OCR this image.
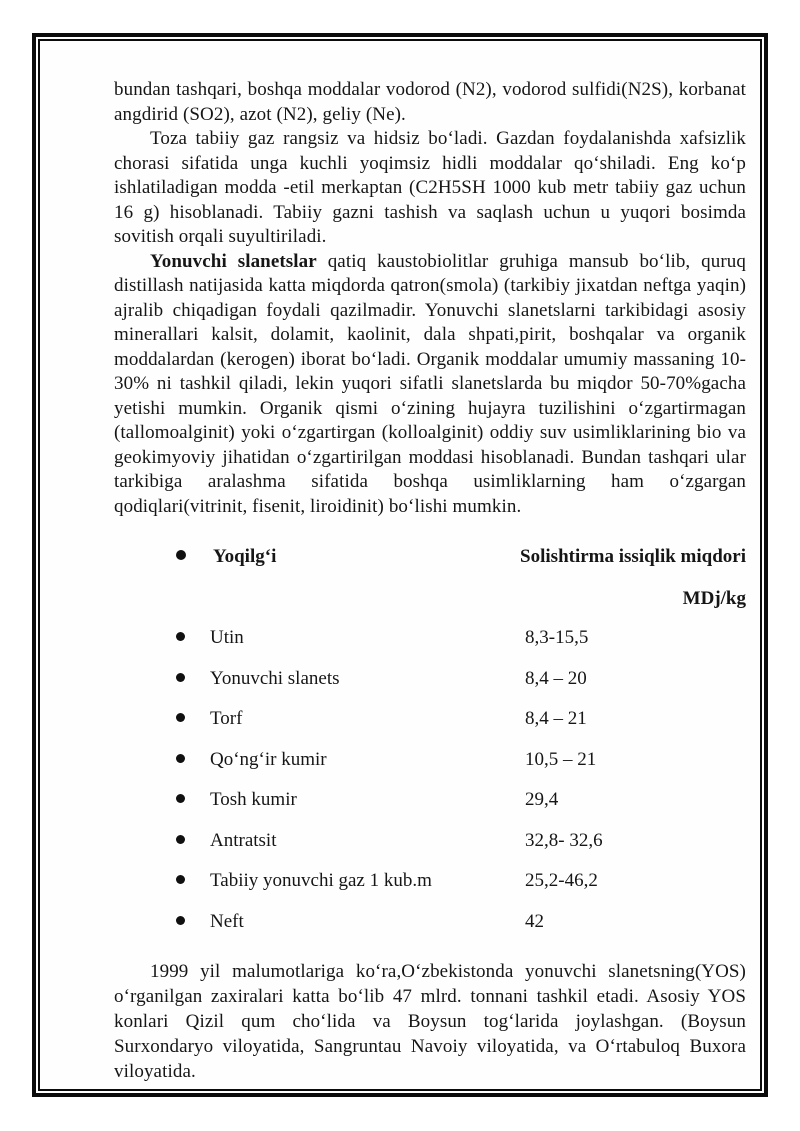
bundan tashqari, boshqa moddalar vodorod (N2), vodorod sulfidi(N2S), korbanat angdirid (SO2), azot (N2), geliy (Ne).

Toza tabiiy gaz rangsiz va hidsiz bo‘ladi. Gazdan foydalanishda xafsizlik chorasi sifatida unga kuchli yoqimsiz hidli moddalar qo‘shiladi. Eng ko‘p ishlatiladigan modda -etil merkaptan (C2H5SH 1000 kub metr tabiiy gaz uchun 16 g) hisoblanadi. Tabiiy gazni tashish va saqlash uchun u yuqori bosimda sovitish orqali suyultiriladi.

Yonuvchi slanetslar qatiq kaustobiolitlar gruhiga mansub bo‘lib, quruq distillash natijasida katta miqdorda qatron(smola) (tarkibiy jixatdan neftga yaqin) ajralib chiqadigan foydali qazilmadir. Yonuvchi slanetslarni tarkibidagi asosiy minerallari kalsit, dolamit, kaolinit, dala shpati,pirit, boshqalar va organik moddalardan (kerogen) iborat bo‘ladi. Organik moddalar umumiy massaning 10-30% ni tashkil qiladi, lekin yuqori sifatli slanetslarda bu miqdor 50-70%gacha yetishi mumkin. Organik qismi o‘zining hujayra tuzilishini o‘zgartirmagan (tallomoalginit) yoki o‘zgartirgan (kolloalginit) oddiy suv usimliklarining bio va geokimyoviy jihatidan o‘zgartirilgan moddasi hisoblanadi. Bundan tashqari ular tarkibiga aralashma sifatida boshqa usimliklarning ham o‘zgargan qodiqlari(vitrinit, fisenit, liroidinit) bo‘lishi mumkin.

Yoqilg‘i	Solishtirma issiqlik miqdori
MDj/kg
Utin	8,3-15,5
Yonuvchi slanets	8,4 – 20
Torf	8,4 – 21
Qo‘ng‘ir kumir	10,5 – 21
Tosh kumir	29,4
Antratsit	32,8- 32,6
Tabiiy yonuvchi gaz 1 kub.m	25,2-46,2
Neft	42

1999 yil malumotlariga ko‘ra,O‘zbekistonda yonuvchi slanetsning(YOS) o‘rganilgan zaxiralari katta bo‘lib 47 mlrd. tonnani tashkil etadi. Asosiy YOS konlari Qizil qum cho‘lida va Boysun tog‘larida joylashgan. (Boysun Surxondaryo viloyatida, Sangruntau Navoiy viloyatida, va O‘rtabuloq Buxora viloyatida.
